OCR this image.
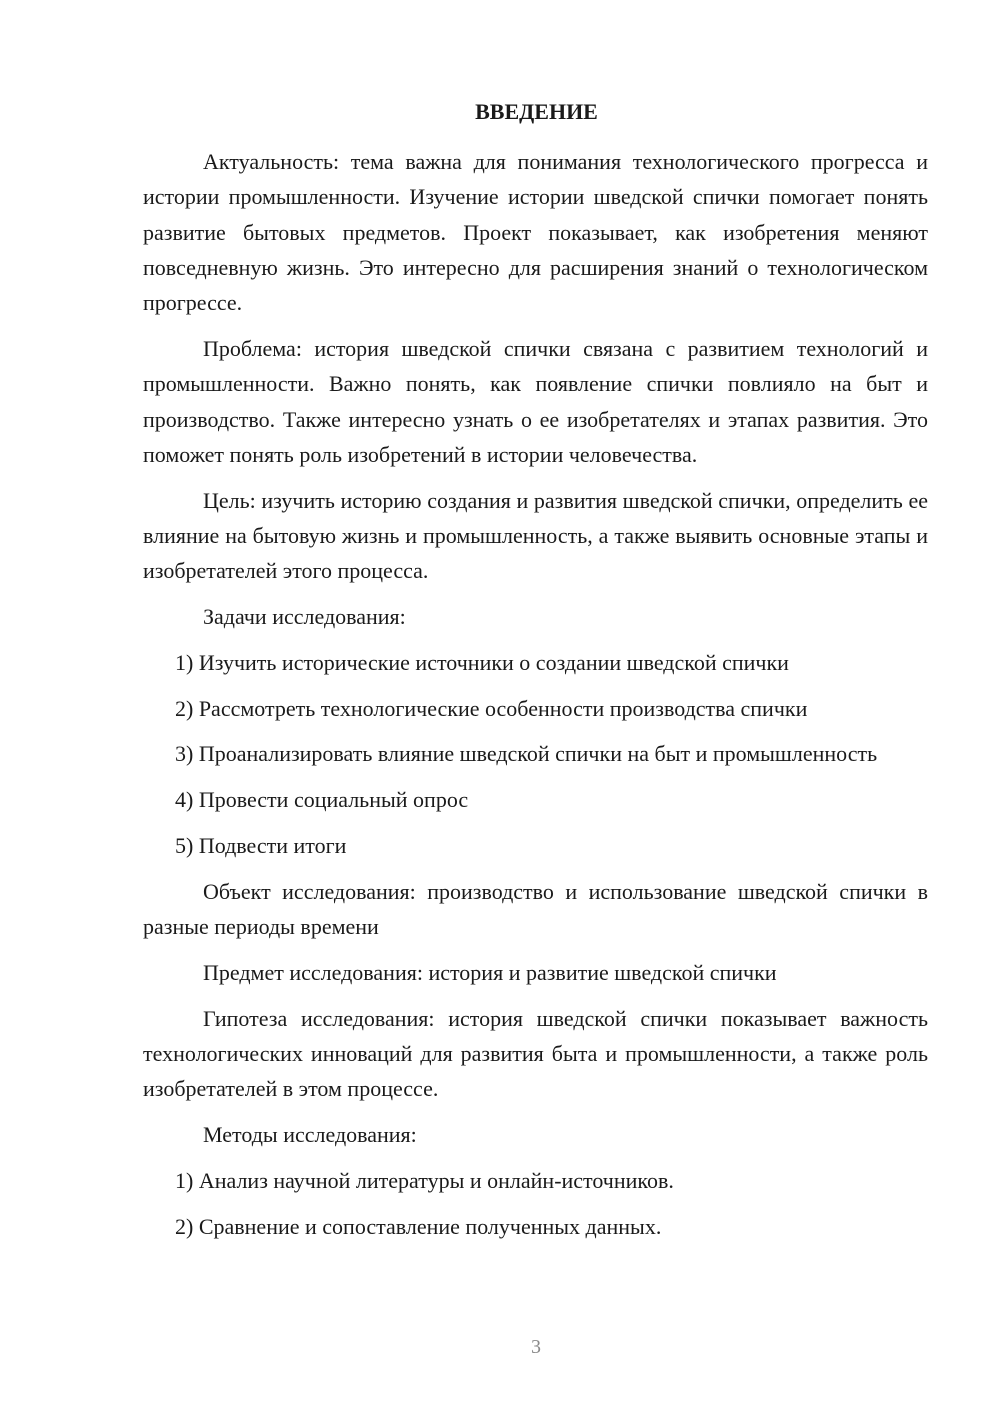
ВВЕДЕНИЕ

Актуальность: тема важна для понимания технологического прогресса и истории промышленности. Изучение истории шведской спички помогает понять развитие бытовых предметов. Проект показывает, как изобретения меняют повседневную жизнь. Это интересно для расширения знаний о технологическом прогрессе.

Проблема: история шведской спички связана с развитием технологий и промышленности. Важно понять, как появление спички повлияло на быт и производство. Также интересно узнать о ее изобретателях и этапах развития. Это поможет понять роль изобретений в истории человечества.

Цель: изучить историю создания и развития шведской спички, определить ее влияние на бытовую жизнь и промышленность, а также выявить основные этапы и изобретателей этого процесса.

Задачи исследования:

1) Изучить исторические источники о создании шведской спички

2) Рассмотреть технологические особенности производства спички

3) Проанализировать влияние шведской спички на быт и промышленность

4) Провести социальный опрос

5) Подвести итоги

Объект исследования: производство и использование шведской спички в разные периоды времени

Предмет исследования: история и развитие шведской спички

Гипотеза исследования: история шведской спички показывает важность технологических инноваций для развития быта и промышленности, а также роль изобретателей в этом процессе.

Методы исследования:

1) Анализ научной литературы и онлайн-источников.

2) Сравнение и сопоставление полученных данных.

3
